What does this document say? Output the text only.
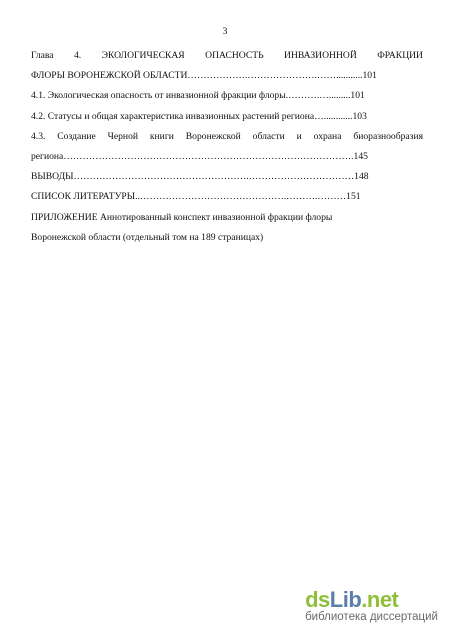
3

Глава 4. ЭКОЛОГИЧЕСКАЯ ОПАСНОСТЬ ИНВАЗИОННОЙ ФРАКЦИИ

ФЛОРЫ ВОРОНЕЖСКОЙ ОБЛАСТИ……………….………………….……...........101

4.1. Экологическая опасность от инвазионной фракции флоры.……….….........101

4.2. Статусы и общая характеристика инвазионных растений региона…............103

4.3. Создание Черной книги Воронежской области и охрана биоразнообразия

региона……………………………………………………………………………….145

ВЫВОДЫ……………………………………………….……………………………148

СПИСОК ЛИТЕРАТУРЫ..……………………………………….……….………151

ПРИЛОЖЕНИЕ Аннотированный конспект инвазионной фракции флоры

Воронежской области (отдельный том на 189 страницах)

ds Lib .net
библиотека диссертаций
